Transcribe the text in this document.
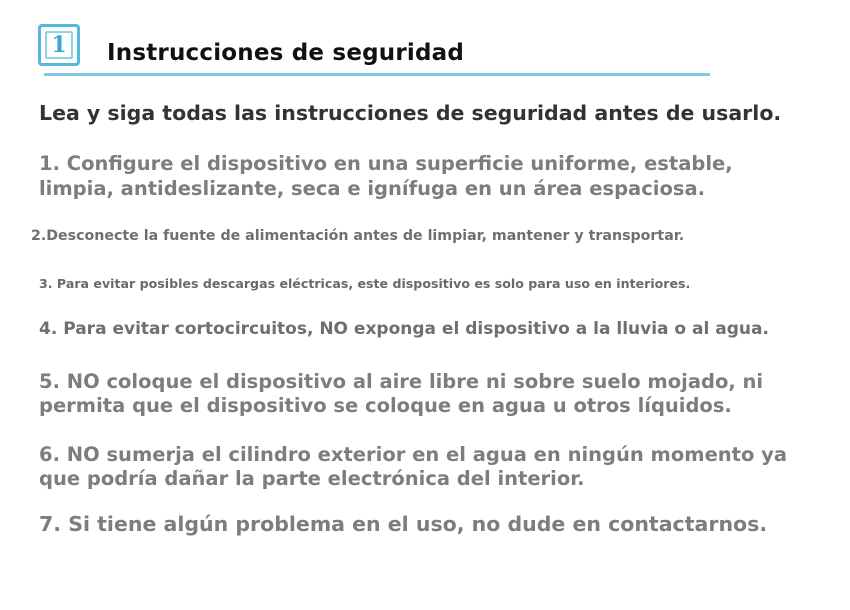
1 Instrucciones de seguridad

Lea y siga todas las instrucciones de seguridad antes de usarlo.

1. Configure el dispositivo en una superficie uniforme, estable,
limpia, antideslizante, seca e ignífuga en un área espaciosa.

2.Desconecte la fuente de alimentación antes de limpiar, mantener y transportar.

3. Para evitar posibles descargas eléctricas, este dispositivo es solo para uso en interiores.

4. Para evitar cortocircuitos, NO exponga el dispositivo a la lluvia o al agua.

5. NO coloque el dispositivo al aire libre ni sobre suelo mojado, ni
permita que el dispositivo se coloque en agua u otros líquidos.

6. NO sumerja el cilindro exterior en el agua en ningún momento ya
que podría dañar la parte electrónica del interior.

7. Si tiene algún problema en el uso, no dude en contactarnos.
